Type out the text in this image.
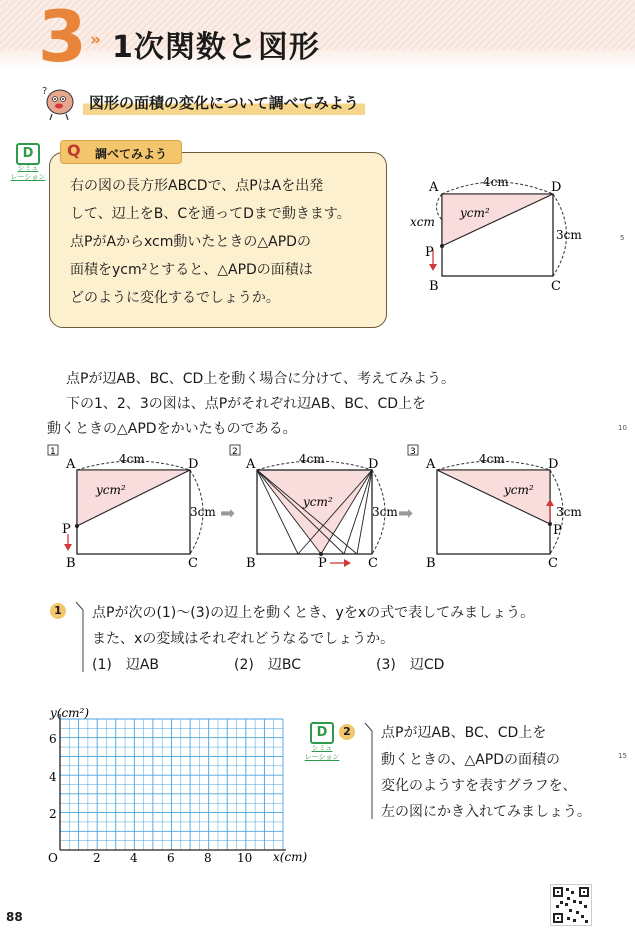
3 » 1次関数と図形
?
図形の面積の変化について調べてみよう
D
シミュ
レーション
Q 調べてみよう
右の図の長方形ABCDで、点PはAを出発
して、辺上をB、Cを通ってDまで動きます。
点PがAからxcm動いたときの△APDの
面積をycm²とすると、△APDの面積は
どのように変化するでしょうか。
A	D
B	C
P
4cm
3cm
xcm
ycm²
5
点Pが辺AB、BC、CD上を動く場合に分けて、考えてみよう。
下の1、2、3の図は、点Pがそれぞれ辺AB、BC、CD上を
動くときの△APDをかいたものである。	10
1
A	D
B	C
P
4cm
3cm
ycm²
➡
2
A	D
B	C
P
4cm
3cm
ycm²
➡
3
A	D
B	C
P
4cm
3cm
ycm²
1 点Pが次の(1)〜(3)の辺上を動くとき、yをxの式で表してみましょう。
また、xの変域はそれぞれどうなるでしょうか。
(1)　辺AB	(2)　辺BC	(3)　辺CD
y(cm²)
x(cm)
O
6
4
2
2 4 6 8 10
D	2
シミュ
レーション
点Pが辺AB、BC、CD上を
動くときの、△APDの面積の
変化のようすを表すグラフを、
左の図にかき入れてみましょう。
15
88
